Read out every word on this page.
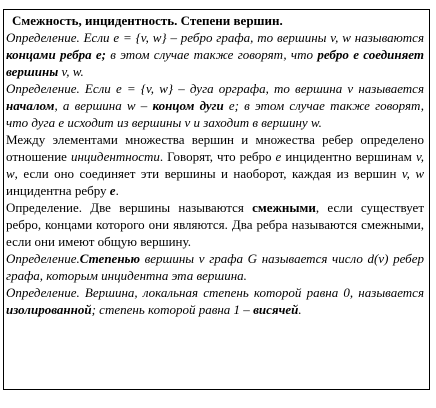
Смежность, инцидентность. Степени вершин.

Определение. Если е = {v, w} – ребро графа, то вершины v, w называются концами ребра е; в этом случае также говорят, что ребро е соединяет вершины v, w.

Определение. Если е = {v, w} – дуга орграфа, то вершина v называется началом, а вершина w – концом дуги е; в этом случае также говорят, что дуга е исходит из вершины v и заходит в вершину w.

Между элементами множества вершин и множества ребер определено отношение инцидентности. Говорят, что ребро е инцидентно вершинам v, w, если оно соединяет эти вершины и наоборот, каждая из вершин v, w инцидентна ребру е.

Определение. Две вершины называются смежными, если существует ребро, концами которого они являются. Два ребра называются смежными, если они имеют общую вершину.

Определение.Степенью вершины v графа G называется число d(v) ребер графа, которым инцидентна эта вершина.

Определение. Вершина, локальная степень которой равна 0, называется изолированной; степень которой равна 1 – висячей.
